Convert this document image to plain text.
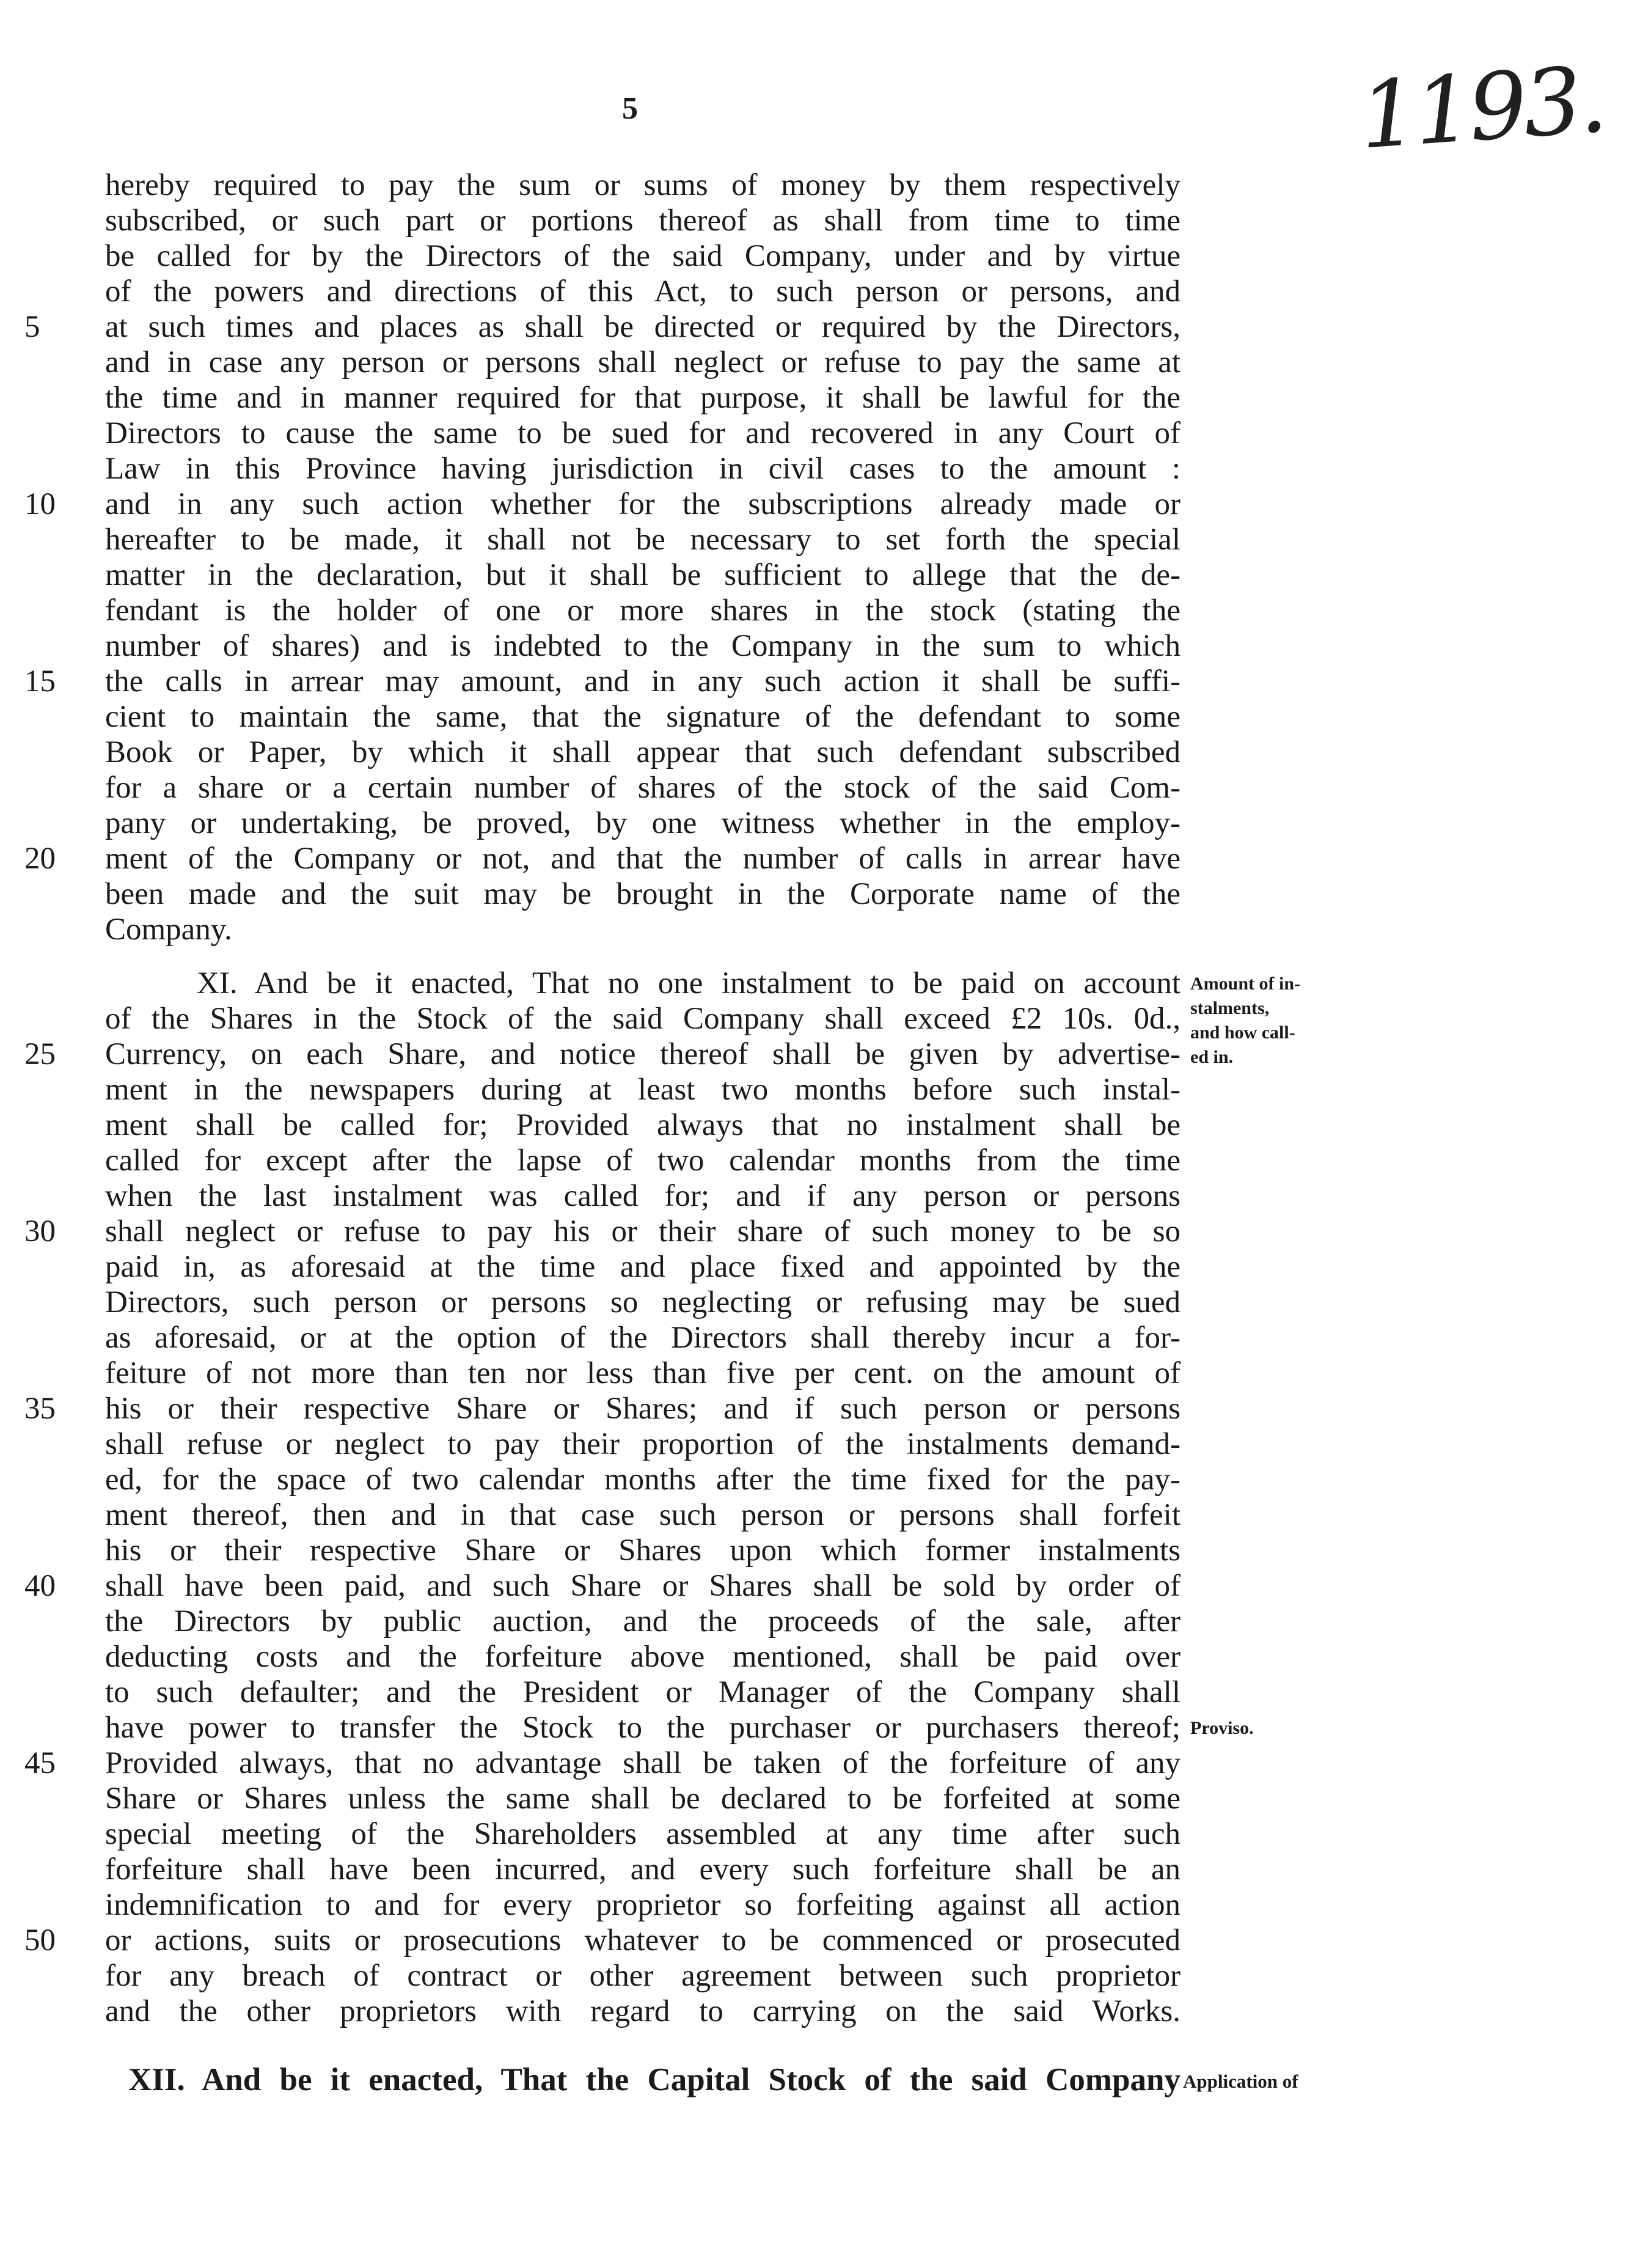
5	1193.
hereby required to pay the sum or sums of money by them respectively
subscribed, or such part or portions thereof as shall from time to time
be called for by the Directors of the said Company, under and by virtue
of the powers and directions of this Act, to such person or persons, and
at such times and places as shall be directed or required by the Directors,
and in case any person or persons shall neglect or refuse to pay the same at
the time and in manner required for that purpose, it shall be lawful for the
Directors to cause the same to be sued for and recovered in any Court of
Law in this Province having jurisdiction in civil cases to the amount :
and in any such action whether for the subscriptions already made or
hereafter to be made, it shall not be necessary to set forth the special
matter in the declaration, but it shall be sufficient to allege that the de-
fendant is the holder of one or more shares in the stock (stating the
number of shares) and is indebted to the Company in the sum to which
the calls in arrear may amount, and in any such action it shall be suffi-
cient to maintain the same, that the signature of the defendant to some
Book or Paper, by which it shall appear that such defendant subscribed
for a share or a certain number of shares of the stock of the said Com-
pany or undertaking, be proved, by one witness whether in the employ-
ment of the Company or not, and that the number of calls in arrear have
been made and the suit may be brought in the Corporate name of the
Company.
XI. And be it enacted, That no one instalment to be paid on account
of the Shares in the Stock of the said Company shall exceed £2 10s. 0d.,
Currency, on each Share, and notice thereof shall be given by advertise-
ment in the newspapers during at least two months before such instal-
ment shall be called for; Provided always that no instalment shall be
called for except after the lapse of two calendar months from the time
when the last instalment was called for; and if any person or persons
shall neglect or refuse to pay his or their share of such money to be so
paid in, as aforesaid at the time and place fixed and appointed by the
Directors, such person or persons so neglecting or refusing may be sued
as aforesaid, or at the option of the Directors shall thereby incur a for-
feiture of not more than ten nor less than five per cent. on the amount of
his or their respective Share or Shares; and if such person or persons
shall refuse or neglect to pay their proportion of the instalments demand-
ed, for the space of two calendar months after the time fixed for the pay-
ment thereof, then and in that case such person or persons shall forfeit
his or their respective Share or Shares upon which former instalments
shall have been paid, and such Share or Shares shall be sold by order of
the Directors by public auction, and the proceeds of the sale, after
deducting costs and the forfeiture above mentioned, shall be paid over
to such defaulter; and the President or Manager of the Company shall
have power to transfer the Stock to the purchaser or purchasers thereof;
Provided always, that no advantage shall be taken of the forfeiture of any
Share or Shares unless the same shall be declared to be forfeited at some
special meeting of the Shareholders assembled at any time after such
forfeiture shall have been incurred, and every such forfeiture shall be an
indemnification to and for every proprietor so forfeiting against all action
or actions, suits or prosecutions whatever to be commenced or prosecuted
for any breach of contract or other agreement between such proprietor
and the other proprietors with regard to carrying on the said Works.
5
10
15
20
25
30
35
40
45
50
Amount of in-
stalments,
and how call-
ed in.
Proviso.
XII. And be it enacted, That the Capital Stock of the said Company Application of
